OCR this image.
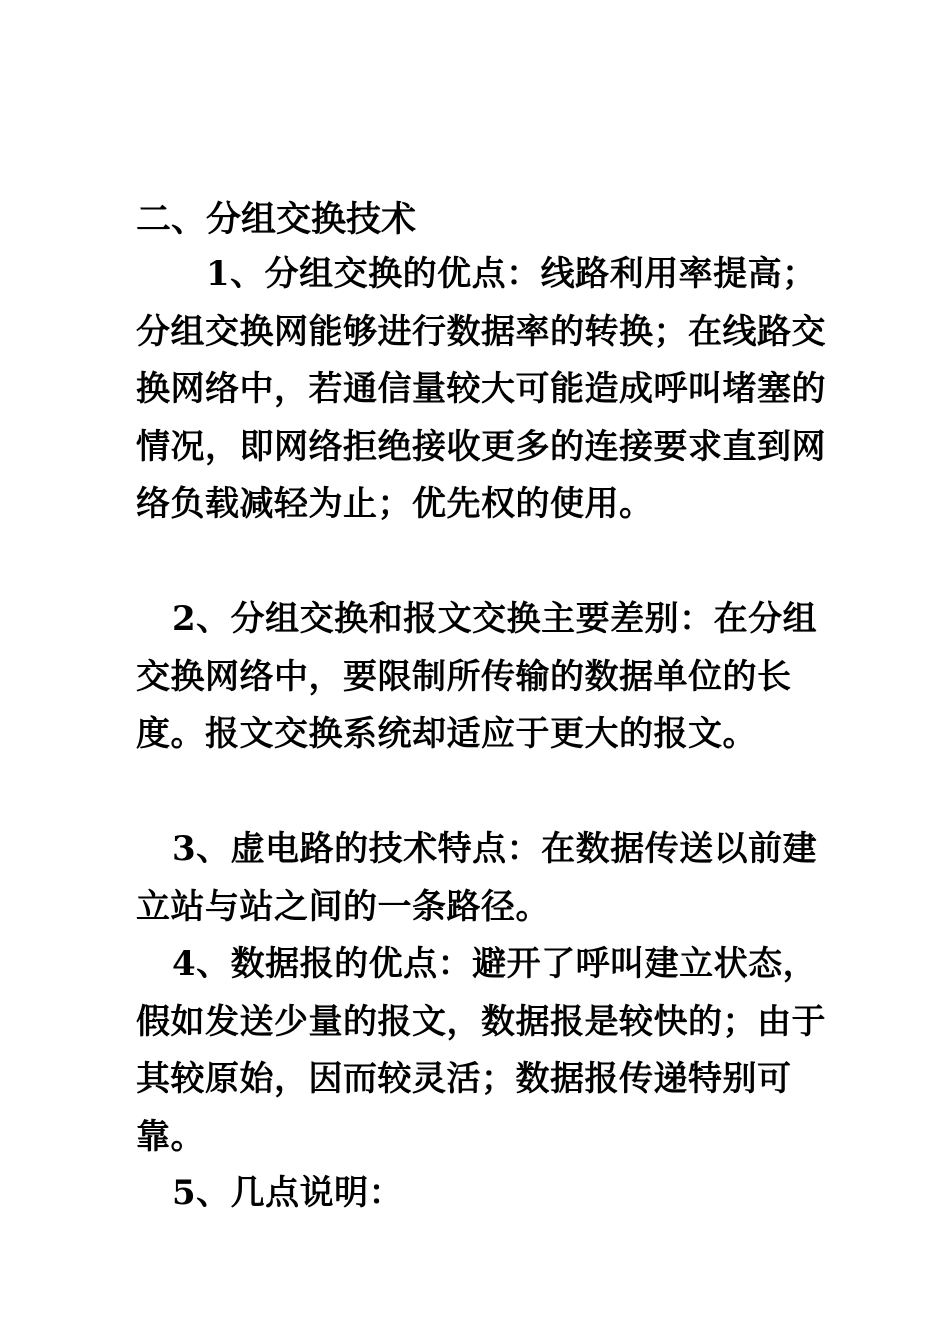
二、分组交换技术

1、分组交换的优点：线路利用率提高；分组交换网能够进行数据率的转换；在线路交换网络中，若通信量较大可能造成呼叫堵塞的情况，即网络拒绝接收更多的连接要求直到网络负载减轻为止；优先权的使用。

2、分组交换和报文交换主要差别：在分组交换网络中，要限制所传输的数据单位的长度。报文交换系统却适应于更大的报文。

3、虚电路的技术特点：在数据传送以前建立站与站之间的一条路径。

4、数据报的优点：避开了呼叫建立状态，假如发送少量的报文，数据报是较快的；由于其较原始，因而较灵活；数据报传递特别可靠。

5、几点说明：
